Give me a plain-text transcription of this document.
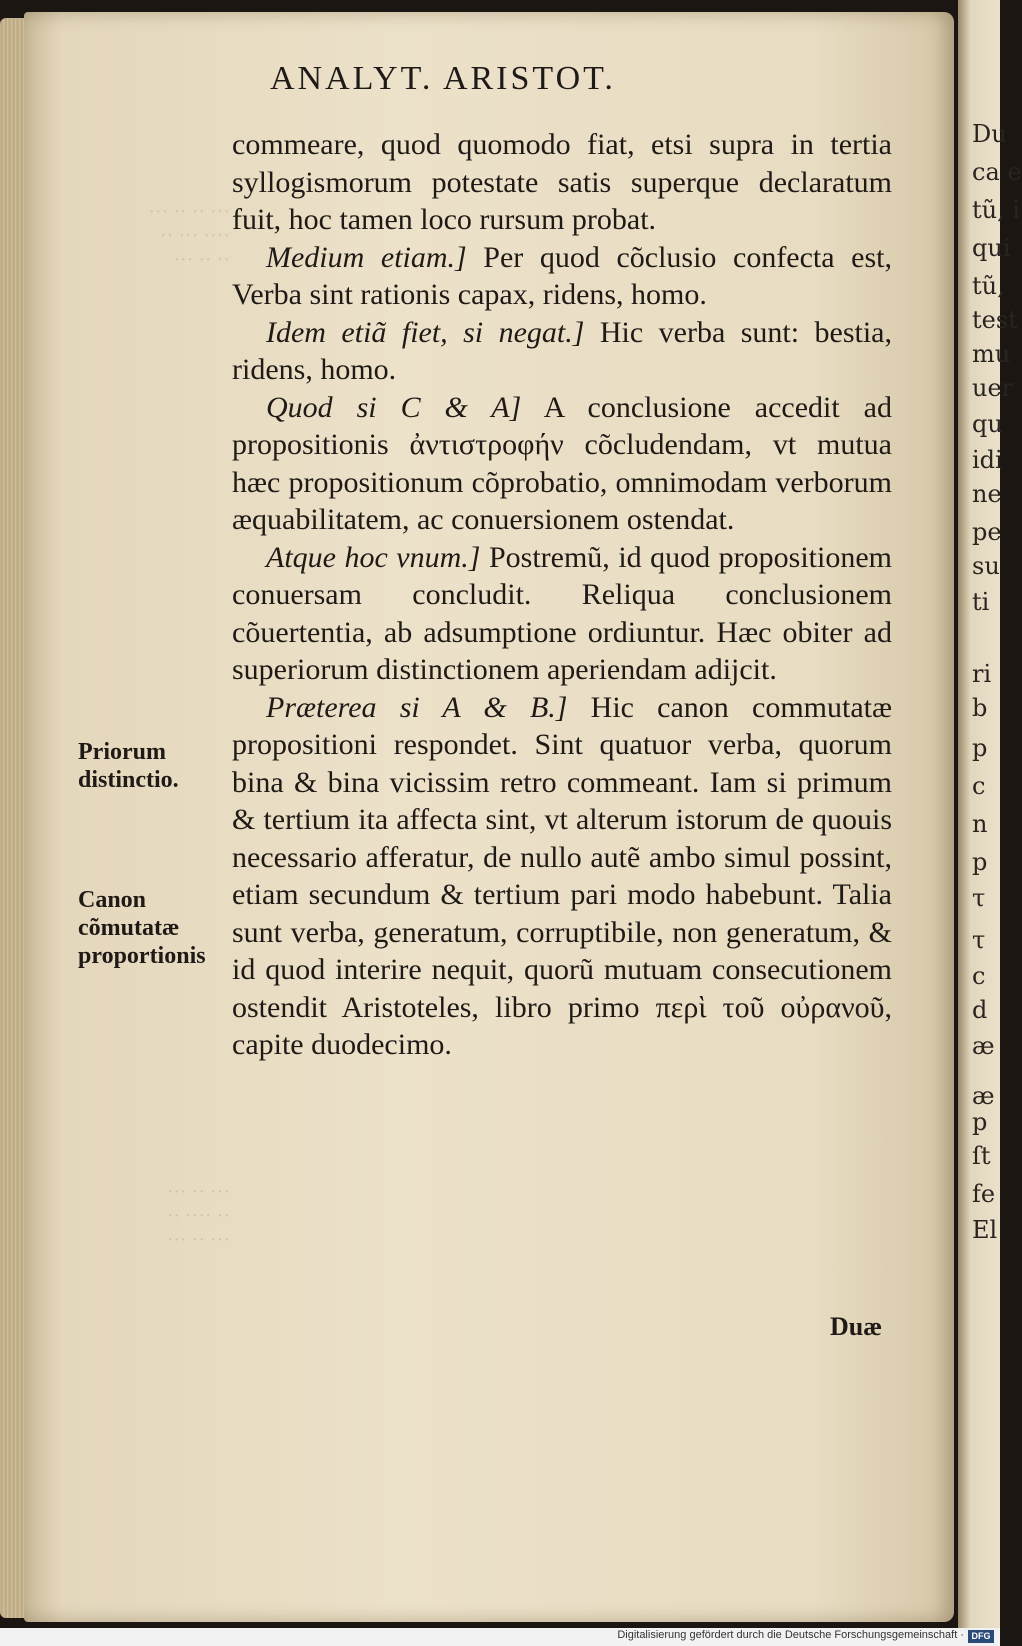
Du
ca e
tũ, i
qui
tũ,
test
mu
uer
qu
idi
ne
pe
su
ti
ri
b
p
c
n
p
τ
τ
c
d
æ
æ
p
ſt
fe
El
ANALYT. ARISTOT.
··· ·· ·· ···
·· ··· ····
··· ·· ··
··· ·· ···
·· ···· ··
··· ·· ···

commeare, quod quomodo fiat, etsi supra in tertia syllogismorum potestate satis superque declaratum fuit, hoc tamen loco rursum probat.

Medium etiam.] Per quod cõclusio confecta est, Verba sint rationis capax, ridens, homo.

Idem etiã fiet, si negat.] Hic verba sunt: bestia, ridens, homo.

Quod si C & A] A conclusione accedit ad propositionis ἀντιστροφήν cõcludendam, vt mutua hæc propositionum cõprobatio, omnimodam verborum æquabilitatem, ac conuersionem ostendat.

Atque hoc vnum.] Postremũ, id quod propositionem conuersam concludit. Reliqua conclusionem cõuertentia, ab adsumptione ordiuntur. Hæc obiter ad superiorum distinctionem aperiendam adijcit.

Præterea si A & B.] Hic canon commutatæ propositioni respondet. Sint quatuor verba, quorum bina & bina vicissim retro commeant. Iam si primum & tertium ita affecta sint, vt alterum istorum de quouis necessario afferatur, de nullo autẽ ambo simul possint, etiam secundum & tertium pari modo habebunt. Talia sunt verba, generatum, corruptibile, non generatum, & id quod interire nequit, quorũ mutuam consecutionem ostendit Aristoteles, libro primo περὶ τοῦ οὐρανοῦ, capite duodecimo.

Priorum distinctio.
Canon cõmutatæ proportionis
Duæ
Digitalisierung gefördert durch die Deutsche Forschungsgemeinschaft · DFG
